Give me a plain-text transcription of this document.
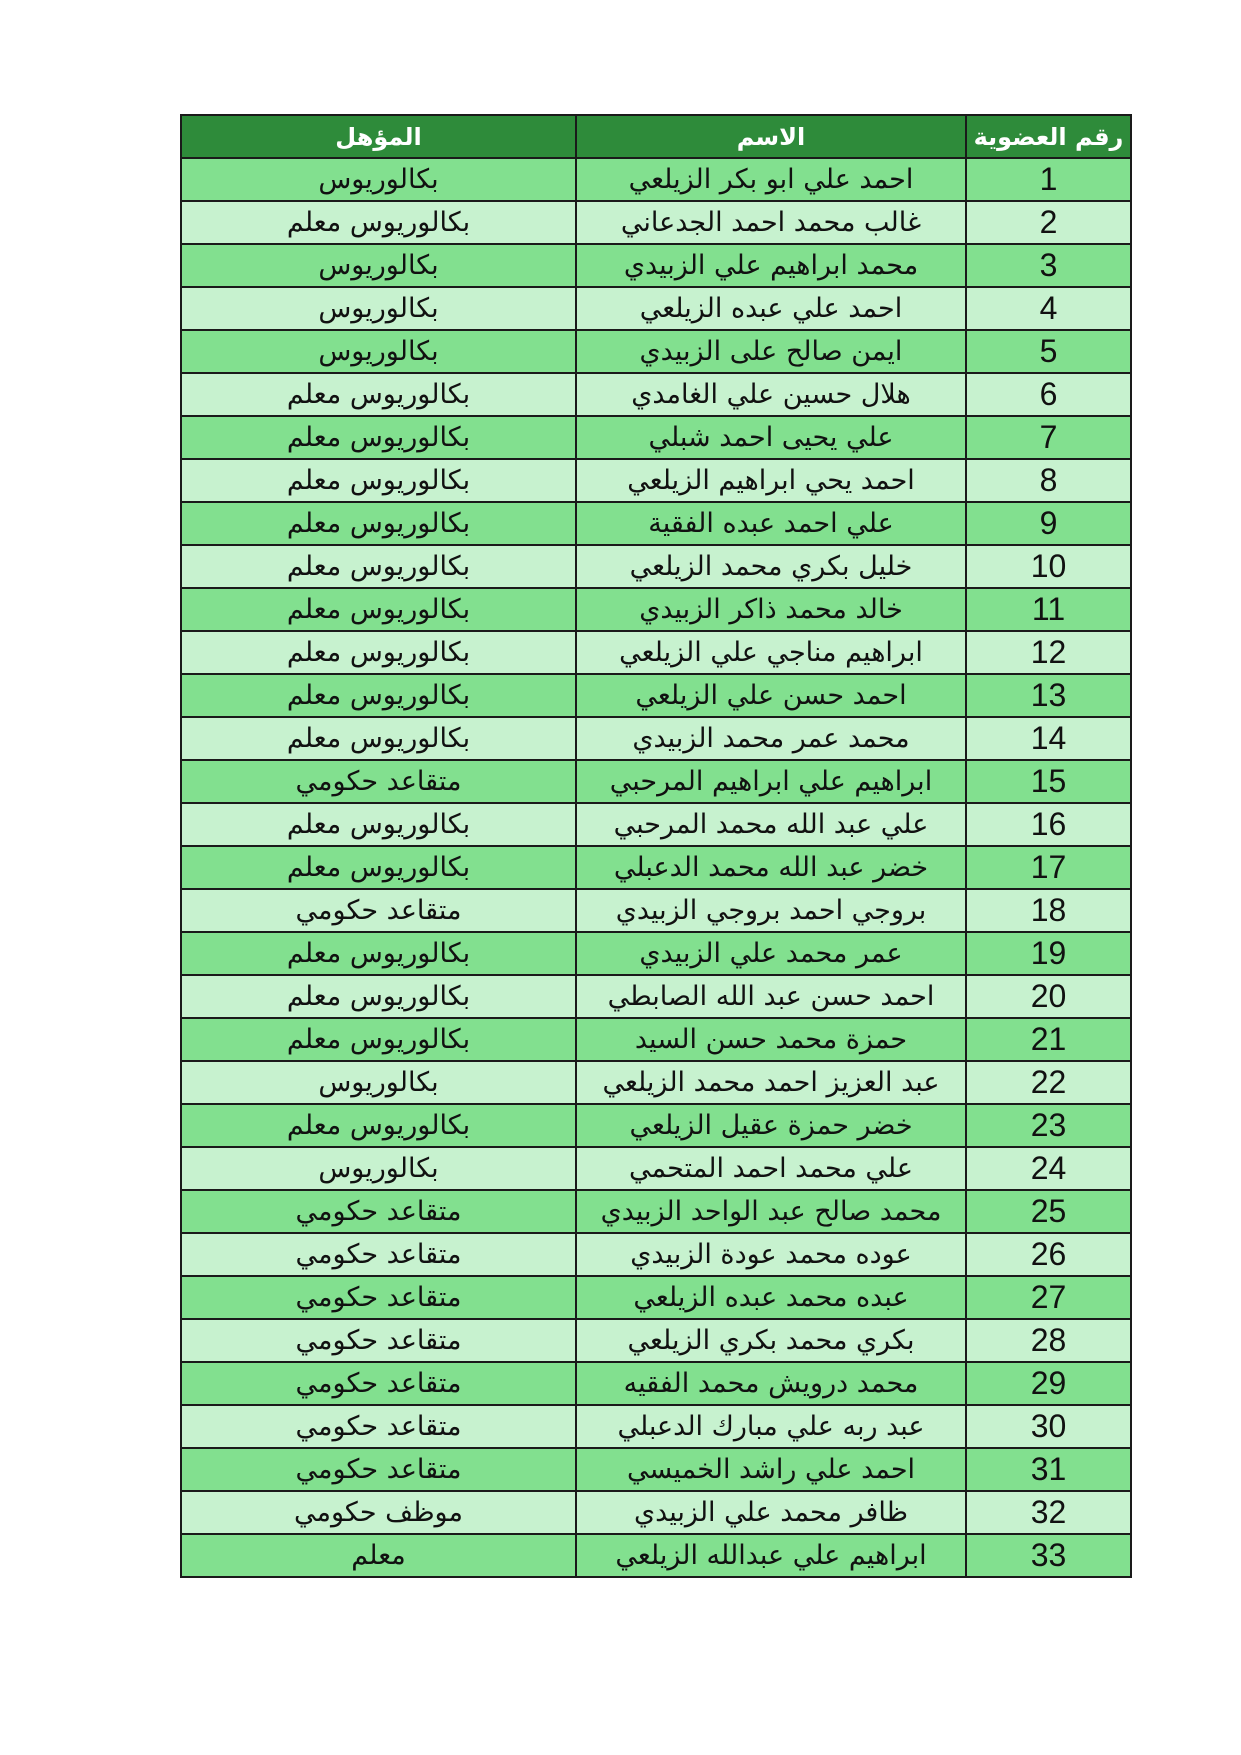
رقم العضوية	الاسم	المؤهل
1	احمد علي ابو بكر الزيلعي	بكالوريوس
2	غالب محمد احمد الجدعاني	بكالوريوس معلم
3	محمد ابراهيم علي الزبيدي	بكالوريوس
4	احمد علي عبده الزيلعي	بكالوريوس
5	ايمن صالح على الزبيدي	بكالوريوس
6	هلال حسين علي الغامدي	بكالوريوس معلم
7	علي يحيى احمد شبلي	بكالوريوس معلم
8	احمد يحي ابراهيم الزيلعي	بكالوريوس معلم
9	علي احمد عبده الفقية	بكالوريوس معلم
10	خليل بكري محمد الزيلعي	بكالوريوس معلم
11	خالد محمد ذاكر الزبيدي	بكالوريوس معلم
12	ابراهيم مناجي علي الزيلعي	بكالوريوس معلم
13	احمد حسن علي الزيلعي	بكالوريوس معلم
14	محمد عمر محمد الزبيدي	بكالوريوس معلم
15	ابراهيم علي ابراهيم المرحبي	متقاعد حكومي
16	علي عبد الله محمد المرحبي	بكالوريوس معلم
17	خضر عبد الله محمد الدعبلي	بكالوريوس معلم
18	بروجي احمد بروجي الزبيدي	متقاعد حكومي
19	عمر محمد علي الزبيدي	بكالوريوس معلم
20	احمد حسن عبد الله الصابطي	بكالوريوس معلم
21	حمزة محمد حسن السيد	بكالوريوس معلم
22	عبد العزيز احمد محمد الزيلعي	بكالوريوس
23	خضر حمزة عقيل الزيلعي	بكالوريوس معلم
24	علي محمد احمد المتحمي	بكالوريوس
25	محمد صالح عبد الواحد الزبيدي	متقاعد حكومي
26	عوده محمد عودة الزبيدي	متقاعد حكومي
27	عبده محمد عبده الزيلعي	متقاعد حكومي
28	بكري محمد بكري الزيلعي	متقاعد حكومي
29	محمد درويش محمد الفقيه	متقاعد حكومي
30	عبد ربه علي مبارك الدعبلي	متقاعد حكومي
31	احمد علي راشد الخميسي	متقاعد حكومي
32	ظافر محمد علي الزبيدي	موظف حكومي
33	ابراهيم علي عبدالله الزيلعي	معلم
